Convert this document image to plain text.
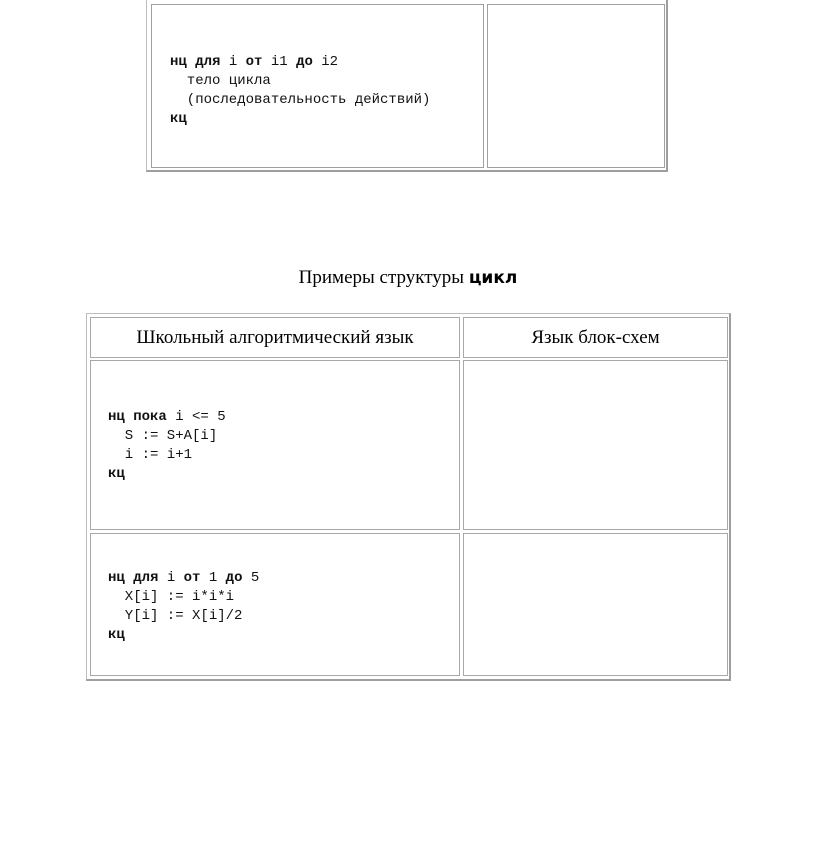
нц для i от i1 до i2
тело цикла
(последовательность действий)
кц
Примеры структуры цикл
Школьный алгоритмический язык	Язык блок-схем
нц пока i <= 5
S := S+A[i]
i := i+1
кц
нц для i от 1 до 5
X[i] := i*i*i
Y[i] := X[i]/2
кц
